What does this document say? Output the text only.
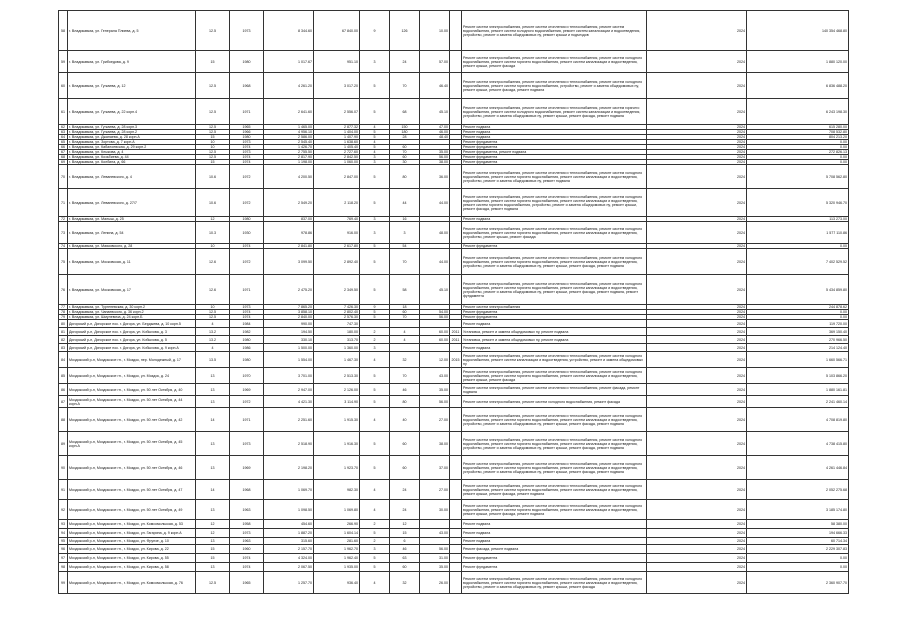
58	г. Владикавказ, ул. Генерала Плиева, д. 5	12.5	1973	8 344.60	67 840.00	9	126	10.00		Ремонт систем электроснабжения, ремонт систем отопления и теплоснабжения, ремонт систем водоснабжения, ремонт систем холодного водоснабжения, ремонт систем канализации и водоотведения, устройство, ремонт и замена общедомовых пу, ремонт крыши и подъездов	2024	140 354 468.80
59	г. Владикавказ, ул. Грибоедова, д. 9	15	1980	1 017.67	951.10	3	24	57.00		Ремонт систем электроснабжения, ремонт систем отопления и теплоснабжения, ремонт систем холодного водоснабжения, ремонт систем горячего водоснабжения, ремонт систем канализации и водоотведения, ремонт крыши, ремонт фасада	2024	1 880 120.00
60	г. Владикавказ, ул. Гугкаева, д. 12	12.5	1968	4 261.20	3 017.20	5	70	46.40		Ремонт систем электроснабжения, ремонт систем отопления и теплоснабжения, ремонт систем холодного водоснабжения, ремонт систем горячего водоснабжения, устройство, ремонт и замена общедомовых пу, ремонт крыши, ремонт фасада, ремонт подвала	2024	6 836 488.20
61	г. Владикавказ, ул. Гугкаева, д. 22 корп.4	12.5	1971	2 641.60	2 556.07	5	68	45.10		Ремонт систем электроснабжения, ремонт систем отопления и теплоснабжения, ремонт систем горячего водоснабжения, ремонт систем холодного водоснабжения, ремонт систем канализации и водоотведения, устройство, ремонт и замена общедомовых пу, ремонт крыши, ремонт фасада, ремонт подвала	2024	6 243 198.30
62	г. Владикавказ, ул. Гугкаева, д. 28 корп.3	12.5	1965	1 465.00	2 877.32	4	150	47.00		Ремонт подвала	2024	615 280.00
63	г. Владикавказ, ул. Гугкаева, д. 28 корп.2	12.5	1966	4 956.10	1 404.00	5	180	46.00		Ремонт подвала	2024	708 532.80
64	г. Владикавказ, ул. Джанаева, д. 28 корп.А	15	1980	2 586.00	1 407.90	5	28	48.40		Ремонт подвала	2024	804 213.20
65	г. Владикавказ, ул. Зортова, д. 7 корп.А	10	1973	2 545.40	1 638.60	4				Ремонт фундамента	2024	0.00
66	г. Владикавказ, ул. Кабалоевская, д. 29 корп.2	10	1974	1 426.70	1 405.40	5	60			Ремонт фундамента	2024	0.00
67	г. Владикавказ, ул. Клыкова, д. 4	12.5	1973	2 755.50	2 727.60	4	70	35.00		Ремонт фундамента, ремонт подвала	2024	272 826.13
68	г. Владикавказ, ул. Козьбиева, д. 44	12.5	1974	2 817.90	2 842.50	3	60	56.00		Ремонт фундамента	2024	0.00
69	г. Владикавказ, ул. Колбина, д. 66	15	1974	1 198.00	1 060.00	3	30	38.00		Ремонт фундамента	2024	0.00
70	г. Владикавказ, ул. Леваневского, д. 4	10.6	1972	4 200.50	2 847.00	5	80	36.00		Ремонт систем электроснабжения, ремонт систем отопления и теплоснабжения, ремонт систем холодного водоснабжения, ремонт систем горячего водоснабжения, ремонт систем канализации и водоотведения, устройство, ремонт и замена общедомовых пу, ремонт подвала	2024	5 708 562.80
71	г. Владикавказ, ул. Леваневского, д. 27/7	10.6	1972	2 549.20	2 118.20	5	44	44.00		Ремонт систем электроснабжения, ремонт систем отопления и теплоснабжения, ремонт систем холодного водоснабжения, ремонт систем горячего водоснабжения, ремонт систем канализации и водоотведения, ремонт систем горячего водоснабжения, устройство, ремонт и замена общедомовых пу, ремонт крыши, ремонт фасада, ремонт подвала	2024	5 320 946.70
72	г. Владикавказ, ул. Малыш, д. 25	12	1980	837.00	769.40	3	16			Ремонт подвала	2024	113 273.00
73	г. Владикавказ, ул. Ленина, д. 54	10.3	1930	978.86	916.00	3	3	48.00		Ремонт систем электроснабжения, ремонт систем отопления и теплоснабжения, ремонт систем холодного водоснабжения, ремонт систем горячего водоснабжения, ремонт систем канализации и водоотведения, устройство, ремонт крыши, ремонт фасада	2024	1 577 110.86
74	г. Владикавказ, ул. Маяковского, д. 28	10	1974	2 841.80	2 617.80	5	54			Ремонт фундамента	2024	0.00
75	г. Владикавказ, ул. Московская, д. 11	12.6	1972	3 099.50	2 892.40	5	70	44.00		Ремонт систем электроснабжения, ремонт систем отопления и теплоснабжения, ремонт систем холодного водоснабжения, ремонт систем горячего водоснабжения, ремонт систем канализации и водоотведения, устройство, ремонт и замена общедомовых пу, ремонт крыши, ремонт фасада, ремонт подвала	2024	7 402 529.52
76	г. Владикавказ, ул. Московская, д. 17	12.6	1971	2 475.20	2 349.50	5	58	45.10		Ремонт систем электроснабжения, ремонт систем отопления и теплоснабжения, ремонт систем холодного водоснабжения, ремонт систем горячего водоснабжения, ремонт систем канализации и водоотведения, устройство, ремонт и замена общедомовых пу, ремонт крыши, ремонт фасада, ремонт подвала, ремонт фундамента	2024	5 434 859.80
77	г. Владикавказ, ул. Тургеневская, д. 30 корп.2	10	1973	7 865.20	7 426.30	9	18			Ремонт систем электроснабжения	2024	244 878.62
78	г. Владикавказ, ул. Чапаевского, д. 36 корп.2	12.5	1974	3 858.10	2 802.40	5	60	54.00		Ремонт фундамента	2024	0.00
79	г. Владикавказ, ул. Шмулевича, д. 24 корп.Б	12.5	1974	2 840.00	2 576.30	5	70	56.00		Ремонт фундамента	2024	0.00
80	Дигорский р-н, Дигорское пос. г. Дигора, ул. Бердыева, д. 10 корп.5	4	1984	990.00	747.30					Ремонт подвала	2024	119 720.00
81	Дигорский р-н, Дигорское пос. г. Дигора, ул. Кобыхова, д. 3	13.2	1982	194.50	180.00	2	4	60.00	2011	Установка, ремонт и замена общедомовых пу, ремонт подвала	2024	369 150.40
82	Дигорский р-н, Дигорское пос. г. Дигора, ул. Кобыхова, д. 5	13.2	1980	330.10	313.70	2	4	60.00	2011	Установка, ремонт и замена общедомовых пу, ремонт подвала	2024	270 966.50
83	Дигорский р-н, Дигорское пос. г. Дигора, ул. Кобыхова, д. 9 корп.А	4	1986	1 500.00	1 360.00	3				Ремонт подвала	2024	214 124.40
84	Моздокский р-н, Моздокское гп., г. Моздок, пер. Молодежный, д. 17	13.5	1980	1 554.00	1 467.30	4	32	12.00	2015	Ремонт систем электроснабжения, ремонт систем отопления и теплоснабжения, ремонт систем холодного водоснабжения, ремонт систем канализации и водоотведения, устройство, ремонт и замена общедомовых пу	2024	1 660 566.71
85	Моздокский р-н, Моздокское гп., г. Моздок, ул. Моздок, д. 24	13	1970	3 701.00	2 513.30	5	70	43.00		Ремонт систем электроснабжения, ремонт систем отопления и теплоснабжения, ремонт систем холодного водоснабжения, ремонт систем горячего водоснабжения, ремонт систем канализации и водоотведения, ремонт крыши, ремонт фасада	2024	5 103 866.20
86	Моздокский р-н, Моздокское гп., г. Моздок, ул. 50 лет Октября, д. 40	13	1969	2 947.00	2 126.00	5	46	35.00		Ремонт систем электроснабжения, ремонт систем отопления и теплоснабжения, ремонт фасада, ремонт подвала	2024	1 880 161.81
87	Моздокский р-н, Моздокское гп., г. Моздок, ул. 50 лет Октября, д. 44 корп.А	13	1972	4 421.30	3 114.90	5	80	56.00		Ремонт систем электроснабжения, ремонт систем холодного водоснабжения, ремонт фасада	2024	2 241 460.14
88	Моздокский р-н, Моздокское гп., г. Моздок, ул. 50 лет Октября, д. 42	14	1971	2 251.60	1 915.30	4	40	27.00		Ремонт систем электроснабжения, ремонт систем отопления и теплоснабжения, ремонт систем холодного водоснабжения, ремонт систем горячего водоснабжения, ремонт систем канализации и водоотведения, устройство, ремонт и замена общедомовых пу, ремонт крыши, ремонт фасада, ремонт подвала	2024	4 708 819.80
89	Моздокский р-н, Моздокское гп., г. Моздок, ул. 50 лет Октября, д. 45 корп.А	13	1973	2 518.90	1 916.30	5	60	38.00		Ремонт систем электроснабжения, ремонт систем отопления и теплоснабжения, ремонт систем холодного водоснабжения, ремонт систем горячего водоснабжения, ремонт систем канализации и водоотведения, устройство, ремонт и замена общедомовых пу, ремонт крыши, ремонт фасада, ремонт подвала	2024	4 738 415.80
90	Моздокский р-н, Моздокское гп., г. Моздок, ул. 50 лет Октября, д. 46	13	1969	2 198.20	1 923.70	5	60	37.00		Ремонт систем электроснабжения, ремонт систем отопления и теплоснабжения, ремонт систем холодного водоснабжения, ремонт систем горячего водоснабжения, ремонт систем канализации и водоотведения, устройство, ремонт и замена общедомовых пу, ремонт крыши, ремонт фасада, ремонт подвала	2024	4 261 446.84
91	Моздокский р-н, Моздокское гп., г. Моздок, ул. 50 лет Октября, д. 47	14	1968	1 069.70	982.30	4	24	27.00		Ремонт систем электроснабжения, ремонт систем отопления и теплоснабжения, ремонт систем холодного водоснабжения, ремонт систем горячего водоснабжения, ремонт систем канализации и водоотведения, ремонт крыши, ремонт фасада, ремонт подвала	2024	2 052 275.68
92	Моздокский р-н, Моздокское гп., г. Моздок, ул. 50 лет Октября, д. 49	13	1963	1 098.50	1 069.80	4	24	30.00		Ремонт систем электроснабжения, ремонт систем отопления и теплоснабжения, ремонт систем холодного водоснабжения, ремонт систем горячего водоснабжения, ремонт систем канализации и водоотведения, ремонт крыши, ремонт фасада, ремонт подвала	2024	3 185 174.80
93	Моздокский р-н, Моздокское гп., г. Моздок, ул. Комсомольская, д. 53	12	1958	454.60	266.90	2	12			Ремонт подвала	2024	58 380.00
94	Моздокский р-н, Моздокское гп., г. Моздок, ул. Гагарина, д. 9 корп.А	12	1973	1 887.20	1 604.14	5	15	43.00		Ремонт подвала	2024	194 666.33
95	Моздокский р-н, Моздокское гп., г. Моздок, ул. Фрунзе, д. 10	13	1963	315.60	281.60	2	6			Ремонт подвала	2024	60 714.34
96	Моздокский р-н, Моздокское гп., г. Моздок, ул. Кирова, д. 22	15	1960	2 157.70	1 962.70	3	46	56.00		Ремонт фасада, ремонт подвала	2024	2 229 307.83
97	Моздокский р-н, Моздокское гп., г. Моздок, ул. Кирова, д. 55	15	1974	4 324.00	1 962.40	5	63	31.00		Ремонт фундамента	2024	0.00
98	Моздокский р-н, Моздокское гп., г. Моздок, ул. Кирова, д. 58	13	1974	2 067.50	1 935.00	5	60	35.00		Ремонт фундамента	2024	0.00
99	Моздокский р-н, Моздокское гп., г. Моздок, ул. Комсомольская, д. 76	12.5	1965	1 257.70	936.40	4	32	26.00		Ремонт систем электроснабжения, ремонт систем отопления и теплоснабжения, ремонт систем холодного водоснабжения, ремонт систем горячего водоснабжения, ремонт систем канализации и водоотведения, устройство, ремонт и замена общедомовых пу, ремонт крыши, ремонт фасада	2024	2 360 907.70
